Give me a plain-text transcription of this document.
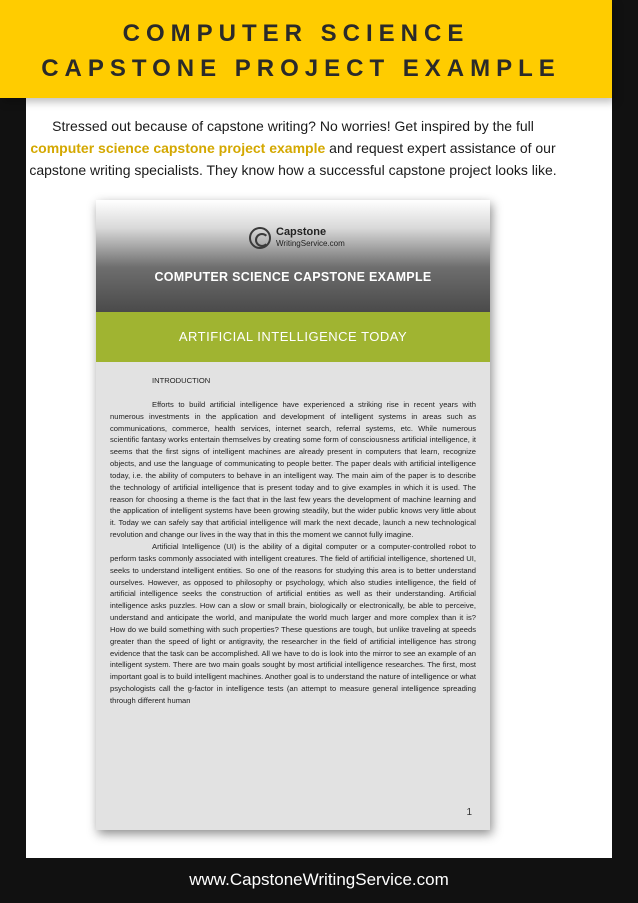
COMPUTER SCIENCE
CAPSTONE PROJECT EXAMPLE
Stressed out because of capstone writing? No worries! Get inspired by the full
computer science capstone project example and request expert assistance of our capstone writing specialists. They know how a successful capstone project looks like.
Capstone
WritingService.com
COMPUTER SCIENCE CAPSTONE EXAMPLE
ARTIFICIAL INTELLIGENCE TODAY
INTRODUCTION

Efforts to build artificial intelligence have experienced a striking rise in recent years with numerous investments in the application and development of intelligent systems in areas such as communications, commerce, health services, internet search, referral systems, etc. While numerous scientific fantasy works entertain themselves by creating some form of consciousness artificial intelligence, it seems that the first signs of intelligent machines are already present in computers that learn, recognize objects, and use the language of communicating to people better. The paper deals with artificial intelligence today, i.e. the ability of computers to behave in an intelligent way. The main aim of the paper is to describe the technology of artificial intelligence that is present today and to give examples in which it is used. The reason for choosing a theme is the fact that in the last few years the development of machine learning and the application of intelligent systems have been growing steadily, but the wider public knows very little about it. Today we can safely say that artificial intelligence will mark the next decade, launch a new technological revolution and change our lives in the way that in this the moment we cannot fully imagine.

Artificial Intelligence (UI) is the ability of a digital computer or a computer-controlled robot to perform tasks commonly associated with intelligent creatures. The field of artificial intelligence, shortened UI, seeks to understand intelligent entities. So one of the reasons for studying this area is to better understand ourselves. However, as opposed to philosophy or psychology, which also studies intelligence, the field of artificial intelligence seeks the construction of artificial entities as well as their understanding. Artificial intelligence asks puzzles. How can a slow or small brain, biologically or electronically, be able to perceive, understand and anticipate the world, and manipulate the world much larger and more complex than it is? How do we build something with such properties? These questions are tough, but unlike traveling at speeds greater than the speed of light or antigravity, the researcher in the field of artificial intelligence has strong evidence that the task can be accomplished. All we have to do is look into the mirror to see an example of an intelligent system. There are two main goals sought by most artificial intelligence researches. The first, most important goal is to build intelligent machines. Another goal is to understand the nature of intelligence or what psychologists call the g-factor in intelligence tests (an attempt to measure general intelligence spreading through different human

1
www.CapstoneWritingService.com
